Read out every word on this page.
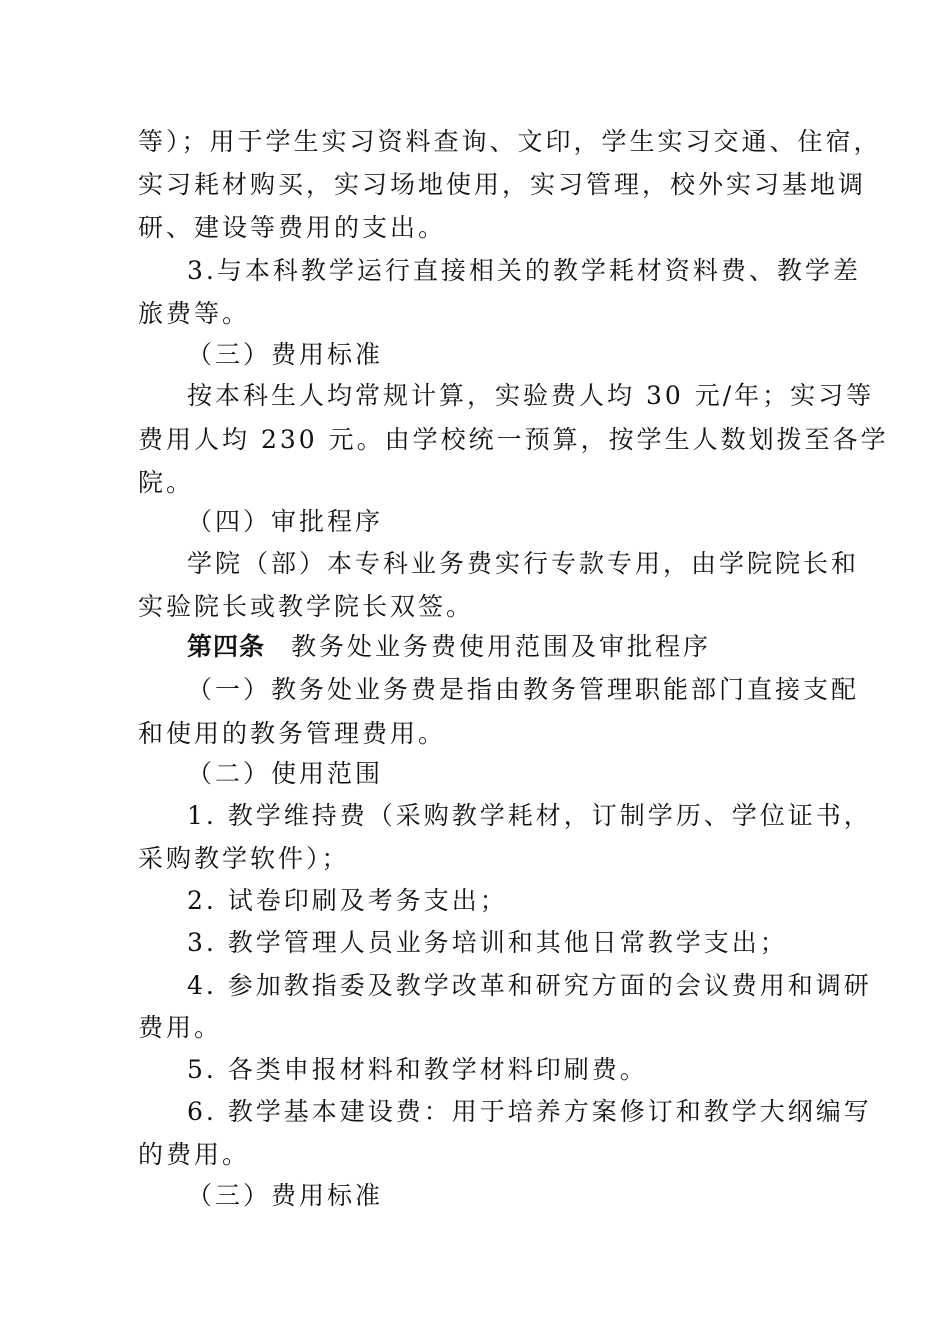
等）；用于学生实习资料查询、文印，学生实习交通、住宿，
实习耗材购买，实习场地使用，实习管理，校外实习基地调
研、建设等费用的支出。
3.与本科教学运行直接相关的教学耗材资料费、教学差
旅费等。
（三）费用标准
按本科生人均常规计算，实验费人均 30 元/年；实习等
费用人均 230 元。由学校统一预算，按学生人数划拨至各学
院。
（四）审批程序
学院（部）本专科业务费实行专款专用，由学院院长和
实验院长或教学院长双签。
第四条 教务处业务费使用范围及审批程序
（一）教务处业务费是指由教务管理职能部门直接支配
和使用的教务管理费用。
（二）使用范围
1. 教学维持费（采购教学耗材，订制学历、学位证书，
采购教学软件）；
2. 试卷印刷及考务支出；
3. 教学管理人员业务培训和其他日常教学支出；
4. 参加教指委及教学改革和研究方面的会议费用和调研
费用。
5. 各类申报材料和教学材料印刷费。
6. 教学基本建设费：用于培养方案修订和教学大纲编写
的费用。
（三）费用标准
